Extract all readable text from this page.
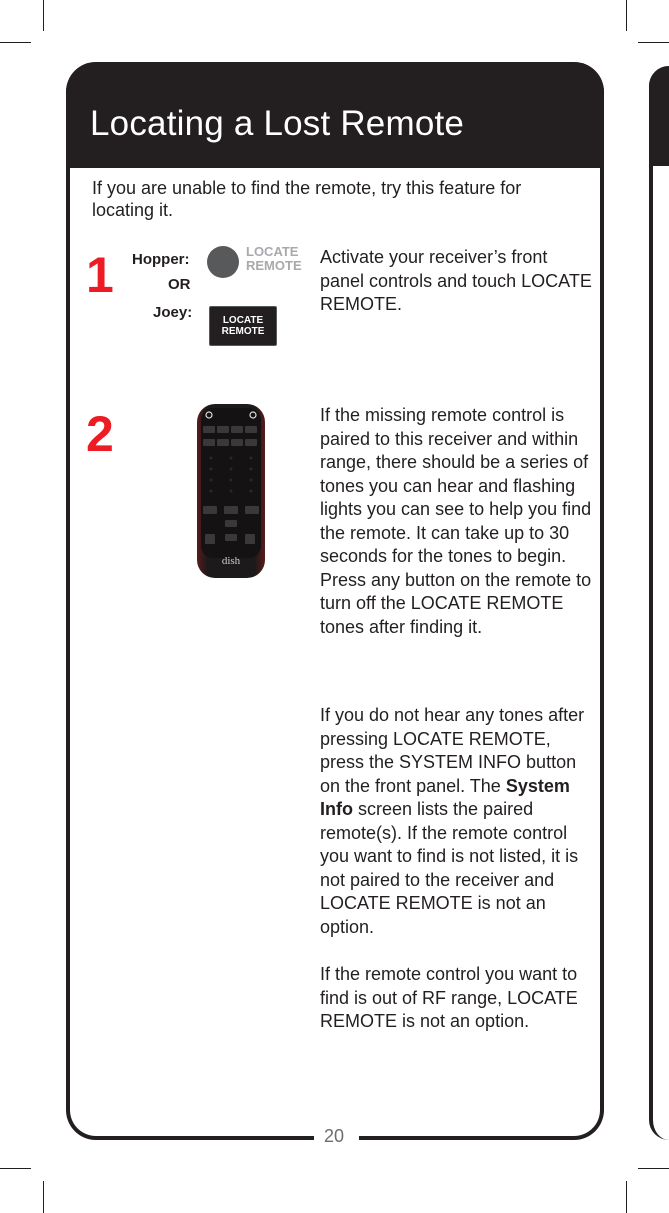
Locating a Lost Remote
If you are unable to find the remote, try this feature for locating it.
1 Hopper:
OR
Joey:
LOCATE
REMOTE
LOCATE
REMOTE
Activate your receiver’s front panel controls and touch LOCATE REMOTE.
2
dish
If the missing remote control is paired to this receiver and within range, there should be a series of tones you can hear and flashing lights you can see to help you find the remote. It can take up to 30 seconds for the tones to begin. Press any button on the remote to turn off the LOCATE REMOTE tones after finding it.
If you do not hear any tones after pressing LOCATE REMOTE, press the SYSTEM INFO button on the front panel. The System Info screen lists the paired remote(s). If the remote control you want to find is not listed, it is not paired to the receiver and LOCATE REMOTE is not an option.
If the remote control you want to find is out of RF range, LOCATE REMOTE is not an option.
20
